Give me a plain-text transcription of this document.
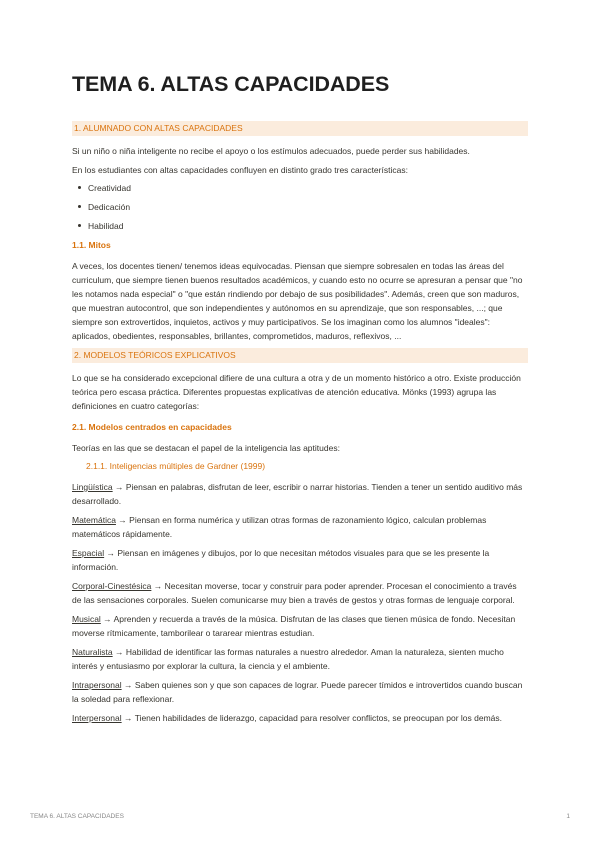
TEMA 6. ALTAS CAPACIDADES
1. ALUMNADO CON ALTAS CAPACIDADES

Si un niño o niña inteligente no recibe el apoyo o los estímulos adecuados, puede perder sus habilidades.

En los estudiantes con altas capacidades confluyen en distinto grado tres características:

Creatividad
Dedicación
Habilidad
1.1. Mitos

A veces, los docentes tienen/ tenemos ideas equivocadas. Piensan que siempre sobresalen en todas las áreas del curriculum, que siempre tienen buenos resultados académicos, y cuando esto no ocurre se apresuran a pensar que "no les notamos nada especial" o "que están rindiendo por debajo de sus posibilidades". Además, creen que son maduros, que muestran autocontrol, que son independientes y autónomos en su aprendizaje, que son responsables, ...; que siempre son extrovertidos, inquietos, activos y muy participativos. Se los imaginan como los alumnos "ideales": aplicados, obedientes, responsables, brillantes, comprometidos, maduros, reflexivos, ...

2. MODELOS TEÓRICOS EXPLICATIVOS

Lo que se ha considerado excepcional difiere de una cultura a otra y de un momento histórico a otro. Existe producción teórica pero escasa práctica. Diferentes propuestas explicativas de atención educativa. Mönks (1993) agrupa las definiciones en cuatro categorías:

2.1. Modelos centrados en capacidades

Teorías en las que se destacan el papel de la inteligencia las aptitudes:

2.1.1. Inteligencias múltiples de Gardner (1999)

Lingüística → Piensan en palabras, disfrutan de leer, escribir o narrar historias. Tienden a tener un sentido auditivo más desarrollado.

Matemática → Piensan en forma numérica y utilizan otras formas de razonamiento lógico, calculan problemas matemáticos rápidamente.

Espacial → Piensan en imágenes y dibujos, por lo que necesitan métodos visuales para que se les presente la información.

Corporal-Cinestésica → Necesitan moverse, tocar y construir para poder aprender. Procesan el conocimiento a través de las sensaciones corporales. Suelen comunicarse muy bien a través de gestos y otras formas de lenguaje corporal.

Musical → Aprenden y recuerda a través de la música. Disfrutan de las clases que tienen música de fondo. Necesitan moverse rítmicamente, tamborilear o tararear mientras estudian.

Naturalista → Habilidad de identificar las formas naturales a nuestro alrededor. Aman la naturaleza, sienten mucho interés y entusiasmo por explorar la cultura, la ciencia y el ambiente.

Intrapersonal → Saben quienes son y que son capaces de lograr. Puede parecer tímidos e introvertidos cuando buscan la soledad para reflexionar.

Interpersonal → Tienen habilidades de liderazgo, capacidad para resolver conflictos, se preocupan por los demás.

TEMA 6. ALTAS CAPACIDADES	1
